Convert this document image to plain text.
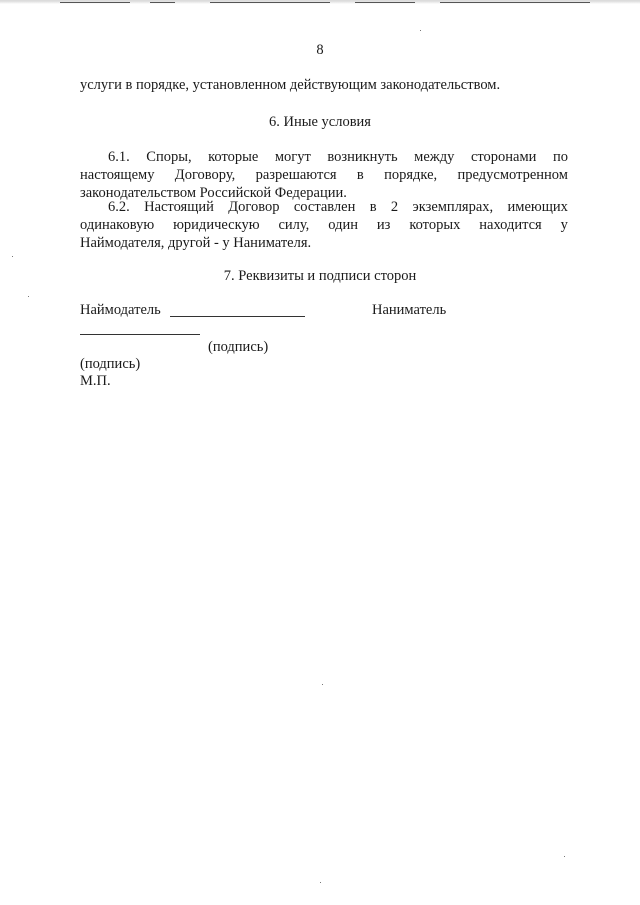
8
услуги в порядке, установленном действующим законодательством.
6. Иные условия
6.1. Споры, которые могут возникнуть между сторонами по
настоящему Договору, разрешаются в порядке, предусмотренном
законодательством Российской Федерации.
6.2. Настоящий Договор составлен в 2 экземплярах, имеющих
одинаковую юридическую силу, один из которых находится у
Наймодателя, другой - у Нанимателя.
7. Реквизиты и подписи сторон
Наймодатель	Наниматель
(подпись)
(подпись)
М.П.
